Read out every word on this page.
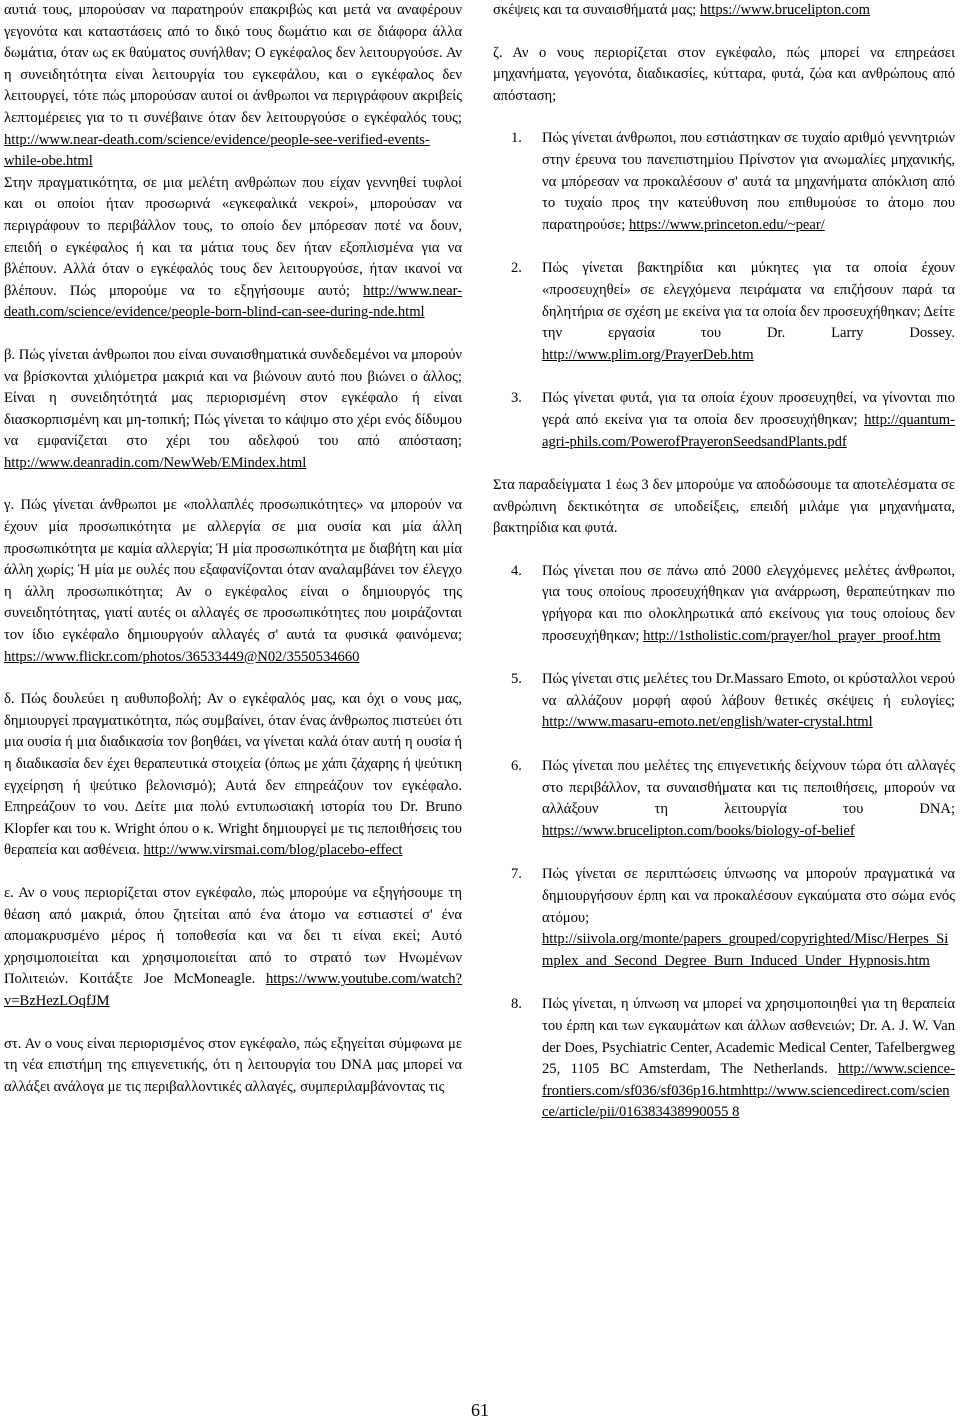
αυτιά τους, μπορούσαν να παρατηρούν επακριβώς και μετά να αναφέρουν γεγονότα και καταστάσεις από το δικό τους δωμάτιο και σε διάφορα άλλα δωμάτια, όταν ως εκ θαύματος συνήλθαν; Ο εγκέφαλος δεν λειτουργούσε. Αν η συνειδητότητα είναι λειτουργία του εγκεφάλου, και ο εγκέφαλος δεν λειτουργεί, τότε πώς μπορούσαν αυτοί οι άνθρωποι να περιγράφουν ακριβείς λεπτομέρειες για το τι συνέβαινε όταν δεν λειτουργούσε ο εγκέφαλός τους; http://www.near-death.com/science/evidence/people-see-verified-events-while-obe.html
Στην πραγματικότητα, σε μια μελέτη ανθρώπων που είχαν γεννηθεί τυφλοί και οι οποίοι ήταν προσωρινά «εγκεφαλικά νεκροί», μπορούσαν να περιγράφουν το περιβάλλον τους, το οποίο δεν μπόρεσαν ποτέ να δουν, επειδή ο εγκέφαλος ή και τα μάτια τους δεν ήταν εξοπλισμένα για να βλέπουν. Αλλά όταν ο εγκέφαλός τους δεν λειτουργούσε, ήταν ικανοί να βλέπουν. Πώς μπορούμε να το εξηγήσουμε αυτό; http://www.near-death.com/science/evidence/people-born-blind-can-see-during-nde.html

β. Πώς γίνεται άνθρωποι που είναι συναισθηματικά συνδεδεμένοι να μπορούν να βρίσκονται χιλιόμετρα μακριά και να βιώνουν αυτό που βιώνει ο άλλος; Είναι η συνειδητότητά μας περιορισμένη στον εγκέφαλο ή είναι διασκορπισμένη και μη-τοπική; Πώς γίνεται το κάψιμο στο χέρι ενός δίδυμου να εμφανίζεται στο χέρι του αδελφού του από απόσταση; http://www.deanradin.com/NewWeb/EMindex.html

γ. Πώς γίνεται άνθρωποι με «πολλαπλές προσωπικότητες» να μπορούν να έχουν μία προσωπικότητα με αλλεργία σε μια ουσία και μία άλλη προσωπικότητα με καμία αλλεργία; Ή μία προσωπικότητα με διαβήτη και μία άλλη χωρίς; Ή μία με ουλές που εξαφανίζονται όταν αναλαμβάνει τον έλεγχο η άλλη προσωπικότητα; Αν ο εγκέφαλος είναι ο δημιουργός της συνειδητότητας, γιατί αυτές οι αλλαγές σε προσωπικότητες που μοιράζονται τον ίδιο εγκέφαλο δημιουργούν αλλαγές σ' αυτά τα φυσικά φαινόμενα; https://www.flickr.com/photos/36533449@N02/3550534660

δ. Πώς δουλεύει η αυθυποβολή; Αν ο εγκέφαλός μας, και όχι ο νους μας, δημιουργεί πραγματικότητα, πώς συμβαίνει, όταν ένας άνθρωπος πιστεύει ότι μια ουσία ή μια διαδικασία τον βοηθάει, να γίνεται καλά όταν αυτή η ουσία ή η διαδικασία δεν έχει θεραπευτικά στοιχεία (όπως με χάπι ζάχαρης ή ψεύτικη εγχείρηση ή ψεύτικο βελονισμό); Αυτά δεν επηρεάζουν τον εγκέφαλο. Επηρεάζουν το νου. Δείτε μια πολύ εντυπωσιακή ιστορία του Dr. Bruno Klopfer και του κ. Wright όπου ο κ. Wright δημιουργεί με τις πεποιθήσεις του θεραπεία και ασθένεια. http://www.virsmai.com/blog/placebo-effect

ε. Αν ο νους περιορίζεται στον εγκέφαλο, πώς μπορούμε να εξηγήσουμε τη θέαση από μακριά, όπου ζητείται από ένα άτομο να εστιαστεί σ' ένα απομακρυσμένο μέρος ή τοποθεσία και να δει τι είναι εκεί; Αυτό χρησιμοποιείται και χρησιμοποιείται από το στρατό των Ηνωμένων Πολιτειών. Κοιτάξτε Joe McMoneagle. https://www.youtube.com/watch?v=BzHezLOqfJM

στ. Αν ο νους είναι περιορισμένος στον εγκέφαλο, πώς εξηγείται σύμφωνα με τη νέα επιστήμη της επιγενετικής, ότι η λειτουργία του DNA μας μπορεί να αλλάξει ανάλογα με τις περιβαλλοντικές αλλαγές, συμπεριλαμβάνοντας τις

σκέψεις και τα συναισθήματά μας; https://www.brucelipton.com

ζ. Αν ο νους περιορίζεται στον εγκέφαλο, πώς μπορεί να επηρεάσει μηχανήματα, γεγονότα, διαδικασίες, κύτταρα, φυτά, ζώα και ανθρώπους από απόσταση;

1. Πώς γίνεται άνθρωποι, που εστιάστηκαν σε τυχαίο αριθμό γεννητριών στην έρευνα του πανεπιστημίου Πρίνστον για ανωμαλίες μηχανικής, να μπόρεσαν να προκαλέσουν σ' αυτά τα μηχανήματα απόκλιση από το τυχαίο προς την κατεύθυνση που επιθυμούσε το άτομο που παρατηρούσε; https://www.princeton.edu/~pear/
2. Πώς γίνεται βακτηρίδια και μύκητες για τα οποία έχουν «προσευχηθεί» σε ελεγχόμενα πειράματα να επιζήσουν παρά τα δηλητήρια σε σχέση με εκείνα για τα οποία δεν προσευχήθηκαν; Δείτε την εργασία του Dr. Larry Dossey. http://www.plim.org/PrayerDeb.htm
3. Πώς γίνεται φυτά, για τα οποία έχουν προσευχηθεί, να γίνονται πιο γερά από εκείνα για τα οποία δεν προσευχήθηκαν; http://quantum-agri-phils.com/PowerofPrayeronSeedsandPlants.pdf

Στα παραδείγματα 1 έως 3 δεν μπορούμε να αποδώσουμε τα αποτελέσματα σε ανθρώπινη δεκτικότητα σε υποδείξεις, επειδή μιλάμε για μηχανήματα, βακτηρίδια και φυτά.

4. Πώς γίνεται που σε πάνω από 2000 ελεγχόμενες μελέτες άνθρωποι, για τους οποίους προσευχήθηκαν για ανάρρωση, θεραπεύτηκαν πιο γρήγορα και πιο ολοκληρωτικά από εκείνους για τους οποίους δεν προσευχήθηκαν; http://1stholistic.com/prayer/hol_prayer_proof.htm
5. Πώς γίνεται στις μελέτες του Dr.Massaro Emoto, οι κρύσταλλοι νερού να αλλάζουν μορφή αφού λάβουν θετικές σκέψεις ή ευλογίες; http://www.masaru-emoto.net/english/water-crystal.html
6. Πώς γίνεται που μελέτες της επιγενετικής δείχνουν τώρα ότι αλλαγές στο περιβάλλον, τα συναισθήματα και τις πεποιθήσεις, μπορούν να αλλάξουν τη λειτουργία του DNA; https://www.brucelipton.com/books/biology-of-belief
7. Πώς γίνεται σε περιπτώσεις ύπνωσης να μπορούν πραγματικά να δημιουργήσουν έρπη και να προκαλέσουν εγκαύματα στο σώμα ενός ατόμου; http://siivola.org/monte/papers_grouped/copyrighted/Misc/Herpes_Simplex_and_Second_Degree_Burn_Induced_Under_Hypnosis.htm
8. Πώς γίνεται, η ύπνωση να μπορεί να χρησιμοποιηθεί για τη θεραπεία του έρπη και των εγκαυμάτων και άλλων ασθενειών; Dr. A. J. W. Van der Does, Psychiatric Center, Academic Medical Center, Tafelbergweg 25, 1105 BC Amsterdam, The Netherlands. http://www.science-frontiers.com/sf036/sf036p16.htmhttp://www.sciencedirect.com/science/article/pii/016383438990055 8
61
